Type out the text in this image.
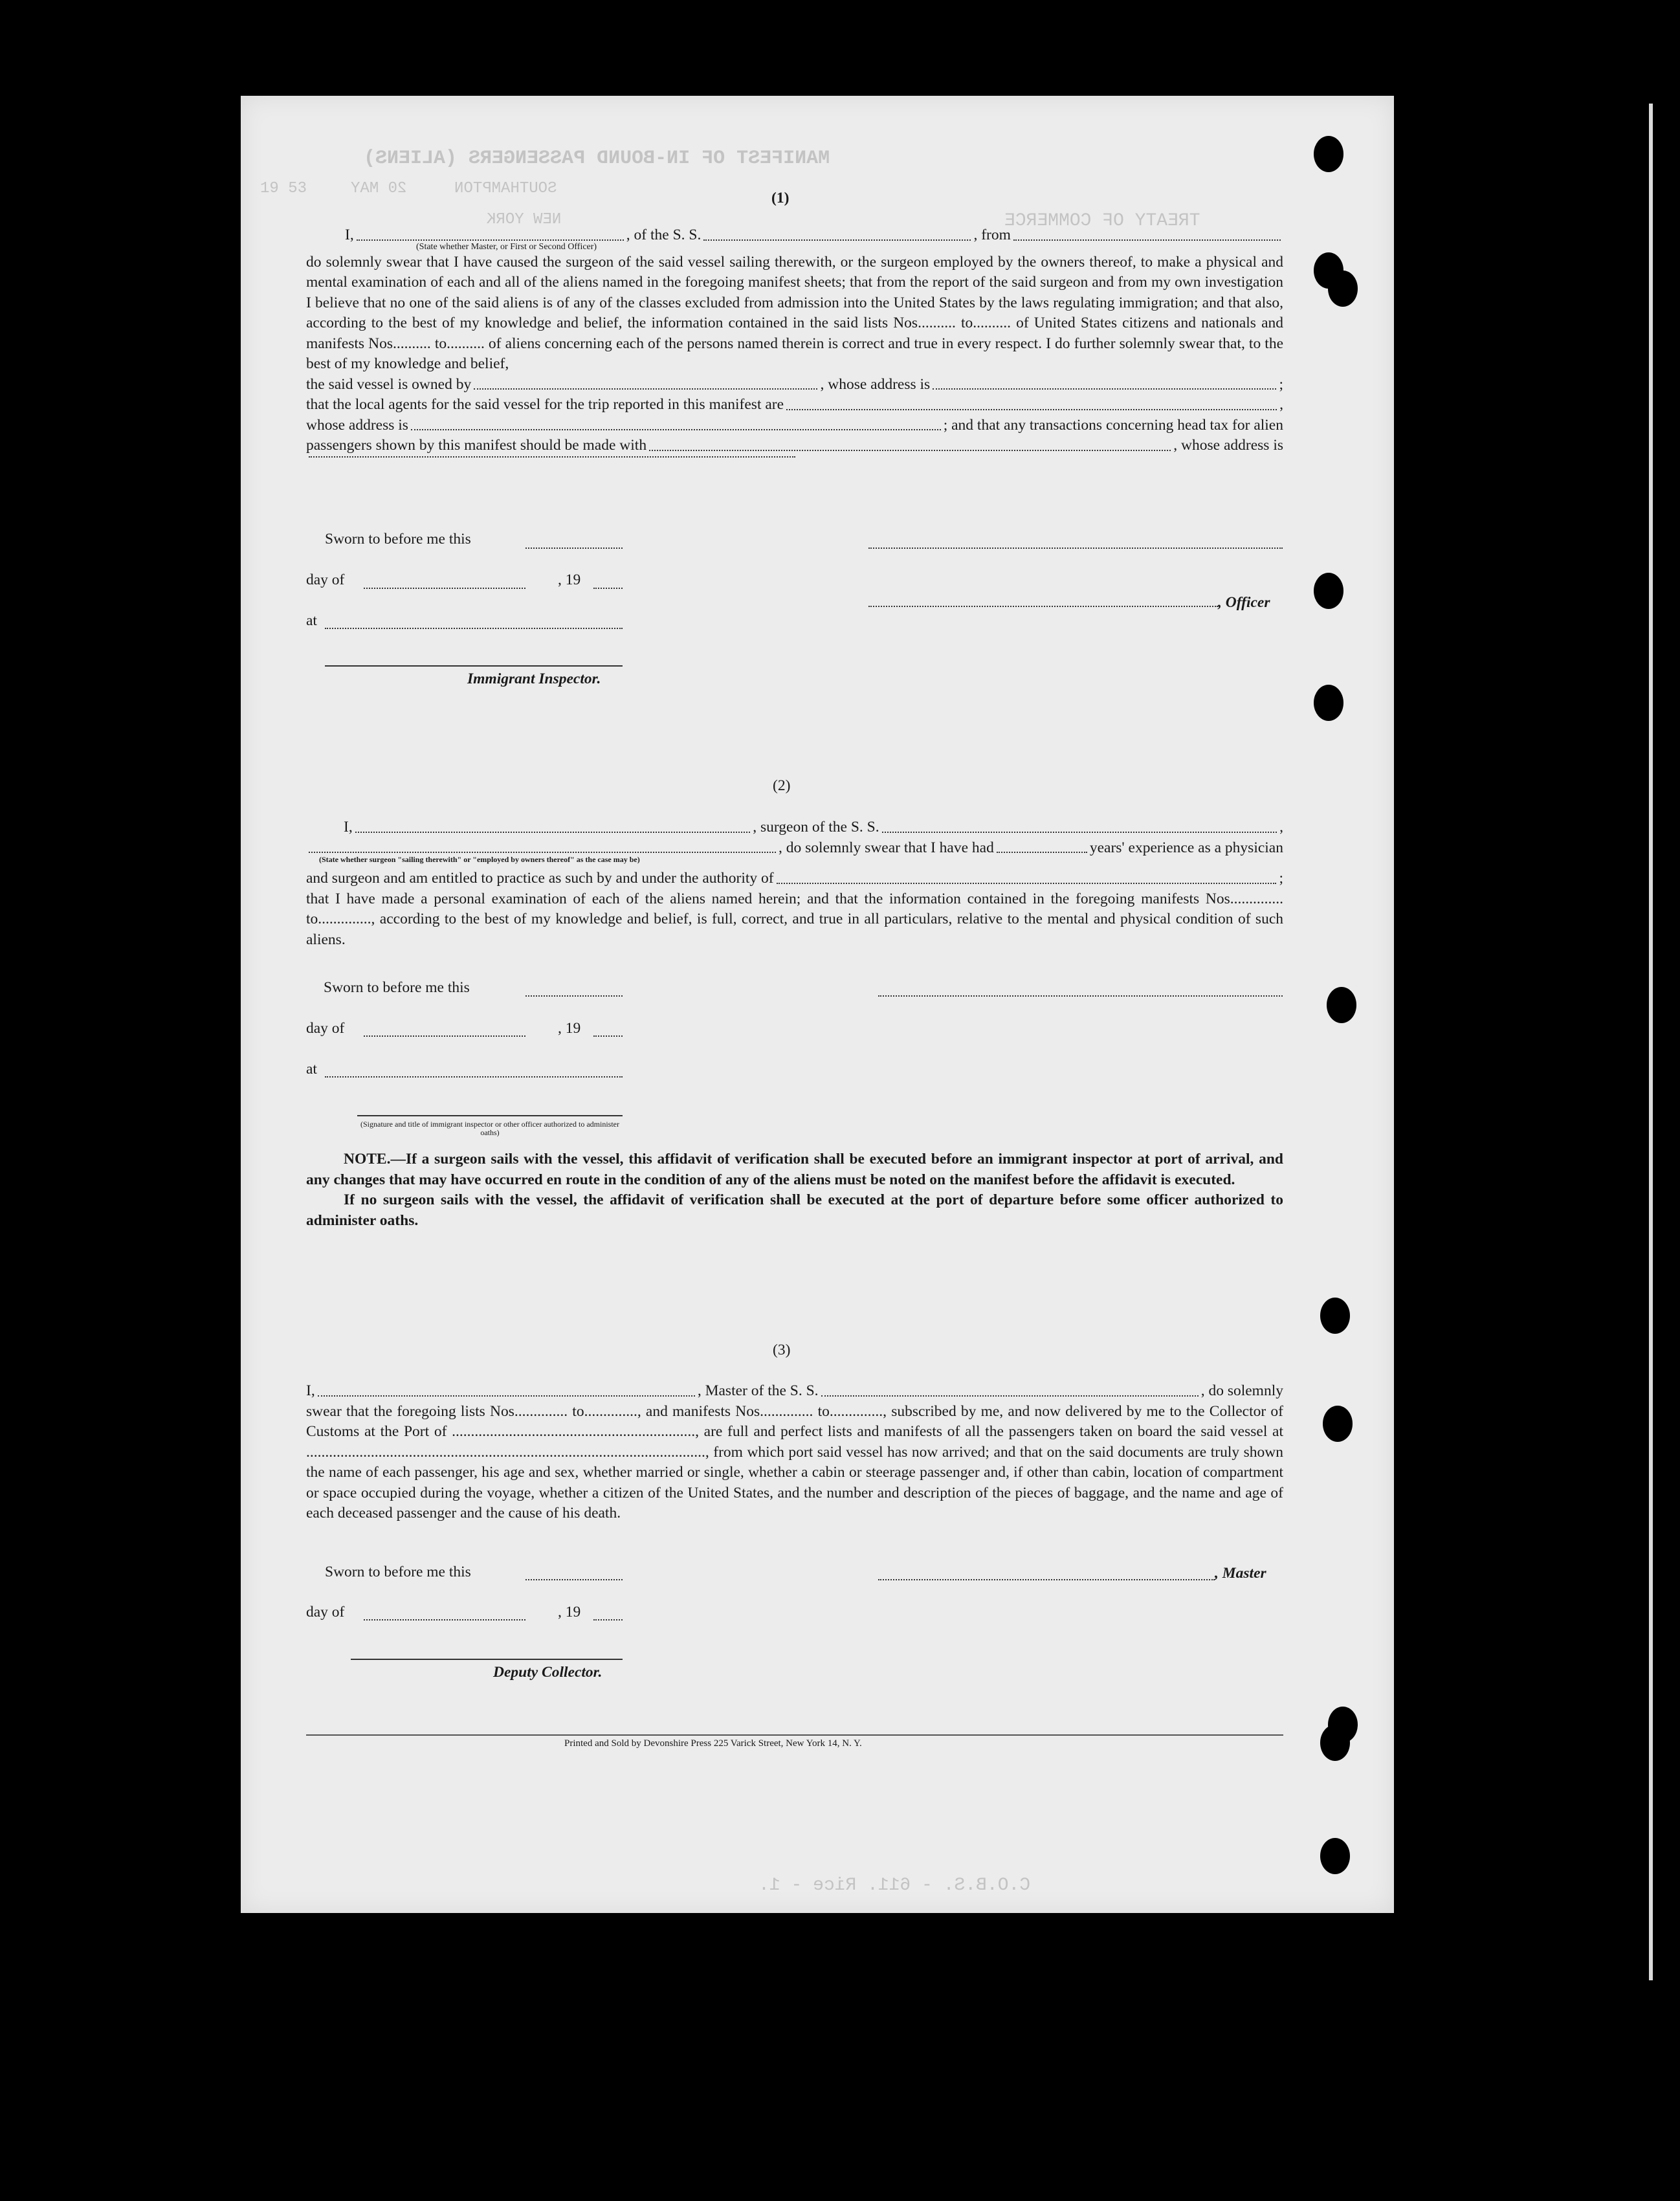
MANIFEST OF IN-BOUND PASSENGERS (ALIENS)
SOUTHAMPTON
20 MAY
19 53
NEW YORK	TREATY OF COMMERCE
C.O.B.S. - 611. Rice - 1.
(1)
I,	, of the S. S.	, from
(State whether Master, or First or Second Officer)

do solemnly swear that I have caused the surgeon of the said vessel sailing therewith, or the surgeon employed by the owners thereof, to make a physical and mental examination of each and all of the aliens named in the foregoing manifest sheets; that from the report of the said surgeon and from my own investigation I believe that no one of the said aliens is of any of the classes excluded from admission into the United States by the laws regulating immigration; and that also, according to the best of my knowledge and belief, the information contained in the said lists Nos.......... to.......... of United States citizens and nationals and manifests Nos.......... to.......... of aliens concerning each of the persons named therein is correct and true in every respect. I do further solemnly swear that, to the best of my knowledge and belief,

the said vessel is owned by	, whose address is	;
that the local agents for the said vessel for the trip reported in this manifest are	,
whose address is	; and that any transactions concerning head tax for alien
passengers shown by this manifest should be made with	, whose address is
Sworn to before me this
day of	, 19
at
, Officer
Immigrant Inspector.
(2)
I,	, surgeon of the S. S.	,
, do solemnly swear that I have had	years' experience as a physician
(State whether surgeon "sailing therewith" or "employed by owners thereof" as the case may be)
and surgeon and am entitled to practice as such by and under the authority of	;

that I have made a personal examination of each of the aliens named herein; and that the information contained in the foregoing manifests Nos.............. to.............., according to the best of my knowledge and belief, is full, correct, and true in all particulars, relative to the mental and physical condition of such aliens.

Sworn to before me this
day of	, 19
at
(Signature and title of immigrant inspector or other officer authorized to administer oaths)

NOTE.—If a surgeon sails with the vessel, this affidavit of verification shall be executed before an immigrant inspector at port of arrival, and any changes that may have occurred en route in the condition of any of the aliens must be noted on the manifest before the affidavit is executed.

If no surgeon sails with the vessel, the affidavit of verification shall be executed at the port of departure before some officer authorized to administer oaths.

(3)
I,	, Master of the S. S.	, do solemnly

swear that the foregoing lists Nos.............. to.............., and manifests Nos.............. to.............., subscribed by me, and now delivered by me to the Collector of Customs at the Port of ................................................................, are full and perfect lists and manifests of all the passengers taken on board the said vessel at ........................................................................................................., from which port said vessel has now arrived; and that on the said documents are truly shown the name of each passenger, his age and sex, whether married or single, whether a cabin or steerage passenger and, if other than cabin, location of compartment or space occupied during the voyage, whether a citizen of the United States, and the number and description of the pieces of baggage, and the name and age of each deceased passenger and the cause of his death.

Sworn to before me this	, Master
day of	, 19
Deputy Collector.
Printed and Sold by Devonshire Press 225 Varick Street, New York 14, N. Y.
